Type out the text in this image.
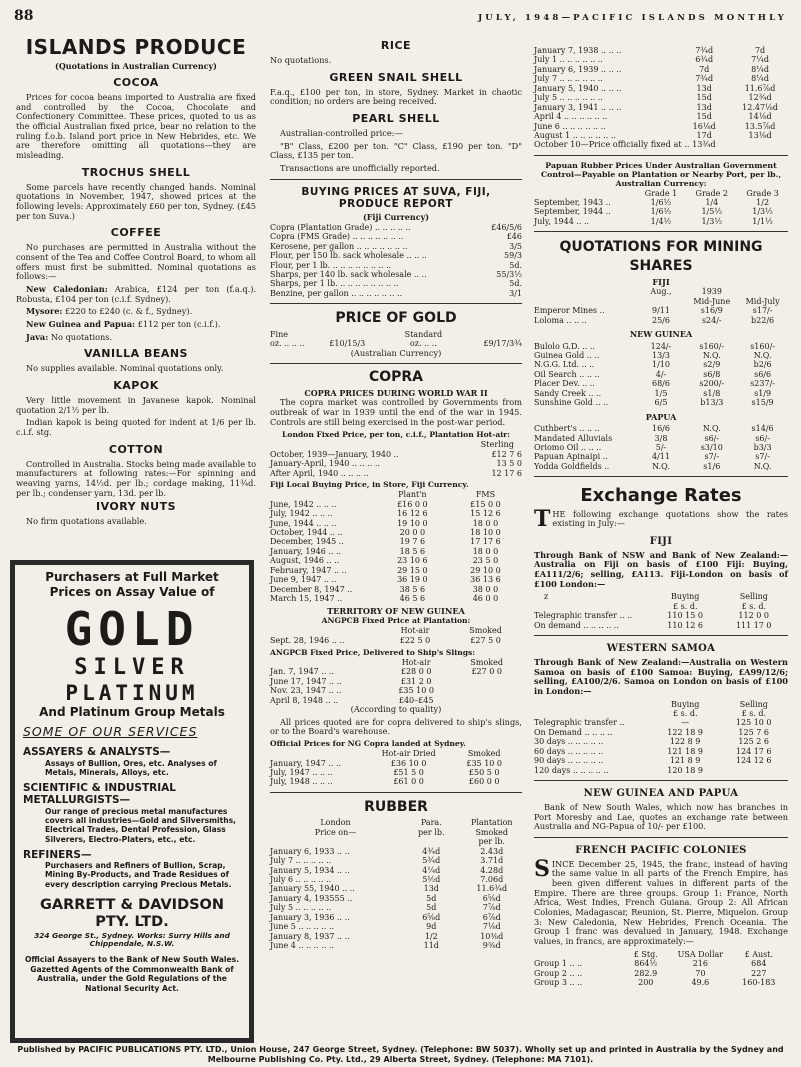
88	JULY, 1948—PACIFIC ISLANDS MONTHLY
ISLANDS PRODUCE
(Quotations in Australian Currency)
COCOA

Prices for cocoa beans imported to Australia are fixed and controlled by the Cocoa, Chocolate and Confectionery Committee. These prices, quoted to us as the official Australian fixed price, bear no relation to the ruling f.o.b. Island port price in New Hebrides, etc. We are therefore omitting all quotations—they are misleading.

TROCHUS SHELL

Some parcels have recently changed hands. Nominal quotations in November, 1947, showed prices at the following levels: Approximately £60 per ton, Sydney. (£45 per ton Suva.)

COFFEE

No purchases are permitted in Australia without the consent of the Tea and Coffee Control Board, to whom all offers must first be submitted. Nominal quotations as follows:—

New Caledonian: Arabica, £124 per ton (f.a.q.). Robusta, £104 per ton (c.i.f. Sydney).

Mysore: £220 to £240 (c. & f., Sydney).

New Guinea and Papua: £112 per ton (c.i.f.).

Java: No quotations.

VANILLA BEANS

No supplies available. Nominal quotations only.

KAPOK

Very little movement in Javanese kapok. Nominal quotation 2/1½ per lb.

Indian kapok is being quoted for indent at 1/6 per lb. c.i.f. stg.

COTTON

Controlled in Australia. Stocks being made available to manufacturers at following rates:—For spinning and weaving yarns, 14½d. per lb.; cordage making, 11¾d. per lb.; condenser yarn, 13d. per lb.

IVORY NUTS

No firm quotations available.

Purchasers at Full Market Prices on Assay Value of
GOLD
SILVER
PLATINUM
And Platinum Group Metals
SOME OF OUR SERVICES
ASSAYERS & ANALYSTS—
Assays of Bullion, Ores, etc. Analyses of Metals, Minerals, Alloys, etc.
SCIENTIFIC & INDUSTRIAL METALLURGISTS—
Our range of precious metal manufactures covers all industries—Gold and Silversmiths, Electrical Trades, Dental Profession, Glass Silverers, Electro-Platers, etc., etc.
REFINERS—
Purchasers and Refiners of Bullion, Scrap, Mining By-Products, and Trade Residues of every description carrying Precious Metals.
GARRETT & DAVIDSON PTY. LTD.
324 George St., Sydney. Works: Surry Hills and Chippendale, N.S.W.
Official Assayers to the Bank of New South Wales. Gazetted Agents of the Commonwealth Bank of Australia, under the Gold Regulations of the National Security Act.
RICE

No quotations.

GREEN SNAIL SHELL

F.a.q., £100 per ton, in store, Sydney. Market in chaotic condition; no orders are being received.

PEARL SHELL

Australian-controlled price:—

"B" Class, £200 per ton. "C" Class, £190 per ton. "D" Class, £135 per ton.

Transactions are unofficially reported.

BUYING PRICES AT SUVA, FIJI, PRODUCE REPORT
(Fiji Currency)
Copra (Plantation Grade) .. .. .. .. ..	£46/5/6
Copra (FMS Grade) .. .. .. .. .. .. ..	£46
Kerosene, per gallon .. .. .. .. .. .. ..	3/5
Flour, per 150 lb. sack wholesale .. .. ..	59/3
Flour, per 1 lb. .. .. .. .. .. .. .. ..	5d.
Sharps, per 140 lb. sack wholesale .. ..	55/3½
Sharps, per 1 lb. .. .. .. .. .. .. .. ..	5d.
Benzine, per gallon .. .. .. .. .. .. ..	3/1
PRICE OF GOLD
Fine		Standard	
oz. .. .. ..	£10/15/3	oz. .. ..	£9/17/3¾
(Australian Currency)
COPRA
COPRA PRICES DURING WORLD WAR II

The copra market was controlled by Governments from outbreak of war in 1939 until the end of the war in 1945. Controls are still being exercised in the post-war period.

London Fixed Price, per ton, c.i.f., Plantation Hot-air:
Sterling
October, 1939—January, 1940 ..	£12 7 6
January-April, 1940 .. .. .. ..	13 5 0
After April, 1940 .. .. .. ..	12 17 6
Fiji Local Buying Price, in Store, Fiji Currency.
	Plant'n	FMS
June, 1942 .. .. ..	£16 0 0	£15 0 0
July, 1942 .. .. ..	16 12 6	15 12 6
June, 1944 .. .. ..	19 10 0	18 0 0
October, 1944 .. ..	20 0 0	18 10 0
December, 1945 ..	19 7 6	17 17 6
January, 1946 .. ..	18 5 6	18 0 0
August, 1946 .. ..	23 10 6	23 5 0
February, 1947 .. ..	29 15 0	29 10 0
June 9, 1947 .. ..	36 19 0	36 13 6
December 8, 1947 ..	38 5 6	38 0 0
March 15, 1947 ..	46 5 6	46 0 0
TERRITORY OF NEW GUINEA
ANGPCB Fixed Price at Plantation:
	Hot-air	Smoked
Sept. 28, 1946 .. ..	£22 5 0	£27 5 0
ANGPCB Fixed Price, Delivered to Ship's Slings:
	Hot-air	Smoked
Jan. 7, 1947 .. ..	£28 0 0	£27 0 0
June 17, 1947 .. ..	£31 2 0	
Nov. 23, 1947 .. ..	£35 10 0	
April 8, 1948 .. ..	£40–£45	
(According to quality)

All prices quoted are for copra delivered to ship's slings, or to the Board's warehouse.

Official Prices for NG Copra landed at Sydney.
	Hot-air Dried	Smoked
January, 1947 .. ..	£36 10 0	£35 10 0
July, 1947 .. .. ..	£51 5 0	£50 5 0
July, 1948 .. .. ..	£61 0 0	£60 0 0
RUBBER
London	Para.	Plantation
Price on—	per lb.	Smoked
		per lb.
January 6, 1933 .. ..	4¾d	2.43d
July 7 .. .. .. .. ..	5¾d	3.71d
January 5, 1934 .. ..	4¼d	4.28d
July 6 .. .. .. .. ..	5½d	7.06d
January 55, 1940 .. ..	13d	11.6¾d
January 4, 193555 ..	5d	6⅝d
July 5 .. .. .. .. ..	5d	7⅞d
January 3, 1936 .. ..	6⅝d	6⅞d
June 5 .. .. .. .. ..	9d	7⅛d
January 8, 1937 .. ..	1/2	10⅜d
June 4 .. .. .. .. ..	11d	9⅜d
January 7, 1938 .. .. ..	7¾d	7d
July 1 .. .. .. .. .. ..	6¾d	7¼d
January 6, 1939 .. .. ..	7d	8¼d
July 7 .. .. .. .. .. ..	7¾d	8¼d
January 5, 1940 .. .. ..	13d	11.6⅞d
July 5 .. .. .. .. .. ..	15d	12¾d
January 3, 1941 .. .. ..	13d	12.47⅛d
April 4 .. .. .. .. .. ..	15d	14⅛d
June 6 .. .. .. .. .. ..	16⅛d	13.5⅞d
August 1 .. .. .. .. .. ..	17d	13⅛d
October 10—Price officially fixed at .. 13¾d
Papuan Rubber Prices Under Australian Government Control—Payable on Plantation or Nearby Port, per lb., Australian Currency:
	Grade 1	Grade 2	Grade 3
September, 1943 ..	1/6½	1/4	1/2
September, 1944 ..	1/6½	1/5½	1/3½
July, 1944 .. ..	1/4½	1/3½	1/1½
QUOTATIONS FOR MINING SHARES
FIJI
	Aug.,	1939	
		Mid-June	Mid-July
Emperor Mines ..	9/11	s16/9	s17/-
Loloma .. .. ..	25/6	s24/-	b22/6
NEW GUINEA			
Bulolo G.D. .. ..	124/-	s160/-	s160/-
Guinea Gold .. ..	13/3	N.Q.	N.Q.
N.G.G. Ltd. .. ..	1/10	s2/9	b2/6
Oil Search .. .. ..	4/-	s6/8	s6/6
Placer Dev. .. ..	68/6	s200/-	s237/-
Sandy Creek .. ..	1/5	s1/8	s1/9
Sunshine Gold .. ..	6/5	b13/3	s15/9
PAPUA			
Cuthbert's .. .. ..	16/6	N.Q.	s14/6
Mandated Alluvials	3/8	s6/-	s6/-
Oriomo Oil .. .. ..	5/-	s3/10	b3/3
Papuan Apinaipi ..	4/11	s7/-	s7/-
Yodda Goldfields ..	N.Q.	s1/6	N.Q.
Exchange Rates

THE following exchange quotations show the rates existing in July:—

FIJI

Through Bank of NSW and Bank of New Zealand:—Australia on Fiji on basis of £100 Fiji: Buying, £A111/2/6; selling, £A113. Fiji-London on basis of £100 London:—

z	Buying	Selling
	£ s. d.	£ s. d.
Telegraphic transfer .. ..	110 15 0	112 0 0
On demand .. .. .. .. ..	110 12 6	111 17 0
WESTERN SAMOA

Through Bank of New Zealand:—Australia on Western Samoa on basis of £100 Samoa: Buying, £A99/12/6; selling, £A100/2/6. Samoa on London on basis of £100 in London:—

	Buying	Selling
	£ s. d.	£ s. d.
Telegraphic transfer ..	—	125 10 0
On Demand .. .. .. ..	122 18 9	125 7 6
30 days .. .. .. .. ..	122 8 9	125 2 6
60 days .. .. .. .. ..	121 18 9	124 17 6
90 days .. .. .. .. ..	121 8 9	124 12 6
120 days .. .. .. .. ..	120 18 9	
NEW GUINEA AND PAPUA

Bank of New South Wales, which now has branches in Port Moresby and Lae, quotes an exchange rate between Australia and NG-Papua of 10/- per £100.

FRENCH PACIFIC COLONIES

SINCE December 25, 1945, the franc, instead of having the same value in all parts of the French Empire, has been given different values in different parts of the Empire. There are three groups. Group 1: France, North Africa, West Indies, French Guiana. Group 2: All African Colonies, Madagascar, Reunion, St. Pierre, Miquelon. Group 3: New Caledonia, New Hebrides, French Oceania. The Group 1 franc was devalued in January, 1948. Exchange values, in francs, are approximately:—

	£ Stg.	USA Dollar	£ Aust.
Group 1 .. ..	864½	216	684
Group 2 .. ..	282.9	70	227
Group 3 .. ..	200	49.6	160-183
Published by PACIFIC PUBLICATIONS PTY. LTD., Union House, 247 George Street, Sydney. (Telephone: BW 5037). Wholly set up and printed in Australia by the Sydney and Melbourne Publishing Co. Pty. Ltd., 29 Alberta Street, Sydney. (Telephone: MA 7101).
